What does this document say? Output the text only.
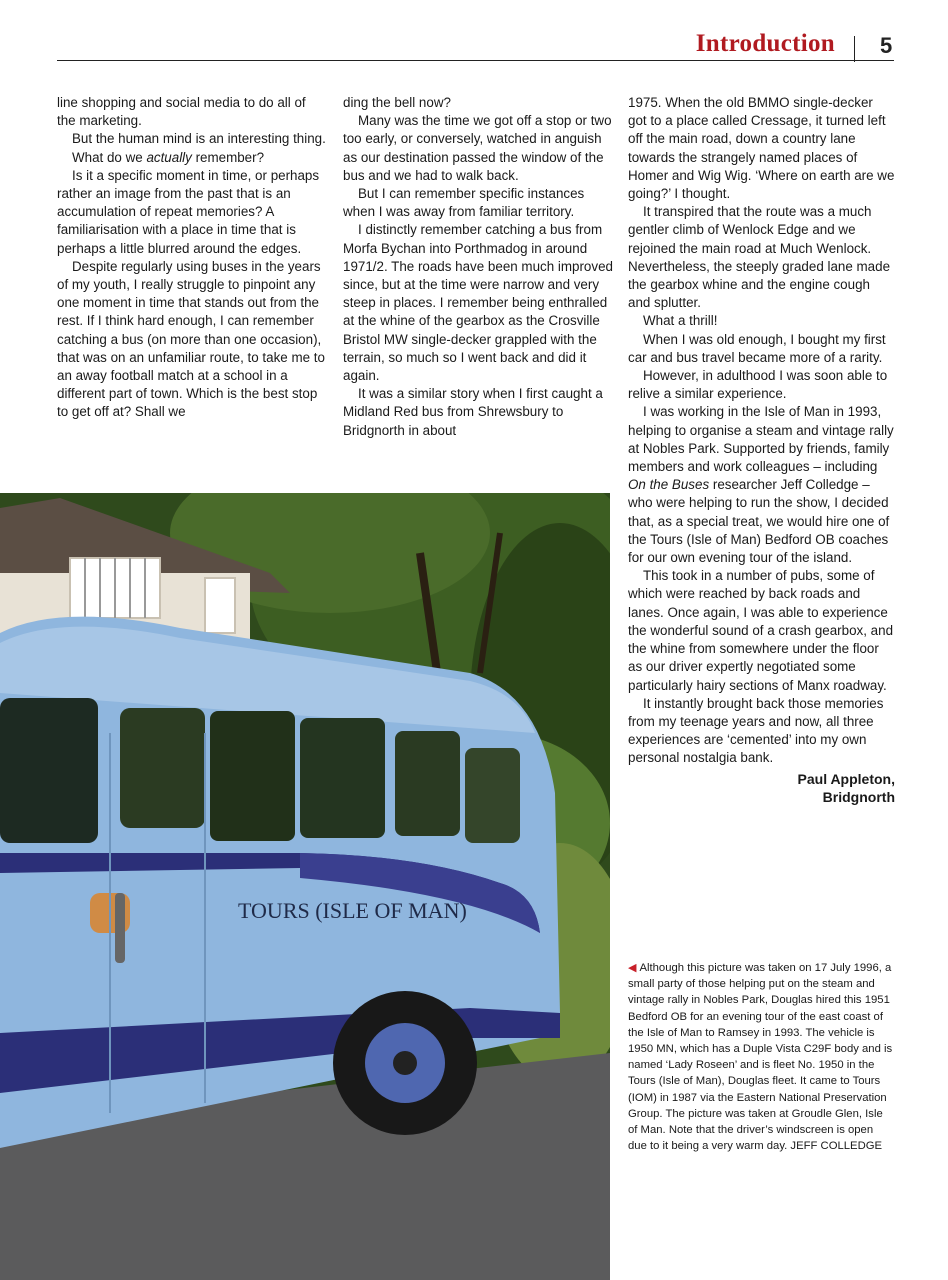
Introduction 5

line shopping and social media to do all of the marketing.

But the human mind is an interesting thing.

What do we actually remember?

Is it a specific moment in time, or perhaps rather an image from the past that is an accumulation of repeat memories? A familiarisation with a place in time that is perhaps a little blurred around the edges.

Despite regularly using buses in the years of my youth, I really struggle to pinpoint any one moment in time that stands out from the rest. If I think hard enough, I can remember catching a bus (on more than one occasion), that was on an unfamiliar route, to take me to an away football match at a school in a different part of town. Which is the best stop to get off at? Shall we

ding the bell now?

Many was the time we got off a stop or two too early, or conversely, watched in anguish as our destination passed the window of the bus and we had to walk back.

But I can remember specific instances when I was away from familiar territory.

I distinctly remember catching a bus from Morfa Bychan into Porthmadog in around 1971/2. The roads have been much improved since, but at the time were narrow and very steep in places. I remember being enthralled at the whine of the gearbox as the Crosville Bristol MW single-decker grappled with the terrain, so much so I went back and did it again.

It was a similar story when I first caught a Midland Red bus from Shrewsbury to Bridgnorth in about

1975. When the old BMMO single-decker got to a place called Cressage, it turned left off the main road, down a country lane towards the strangely named places of Homer and Wig Wig. ‘Where on earth are we going?’ I thought.

It transpired that the route was a much gentler climb of Wenlock Edge and we rejoined the main road at Much Wenlock. Nevertheless, the steeply graded lane made the gearbox whine and the engine cough and splutter.

What a thrill!

When I was old enough, I bought my first car and bus travel became more of a rarity.

However, in adulthood I was soon able to relive a similar experience.

I was working in the Isle of Man in 1993, helping to organise a steam and vintage rally at Nobles Park. Supported by friends, family members and work colleagues – including On the Buses researcher Jeff Colledge – who were helping to run the show, I decided that, as a special treat, we would hire one of the Tours (Isle of Man) Bedford OB coaches for our own evening tour of the island.

This took in a number of pubs, some of which were reached by back roads and lanes. Once again, I was able to experience the wonderful sound of a crash gearbox, and the whine from somewhere under the floor as our driver expertly negotiated some particularly hairy sections of Manx roadway.

It instantly brought back those memories from my teenage years and now, all three experiences are ‘cemented’ into my own personal nostalgia bank.

Paul Appleton,
Bridgnorth
◀ Although this picture was taken on 17 July 1996, a small party of those helping put on the steam and vintage rally in Nobles Park, Douglas hired this 1951 Bedford OB for an evening tour of the east coast of the Isle of Man to Ramsey in 1993. The vehicle is 1950 MN, which has a Duple Vista C29F body and is named ‘Lady Roseen’ and is fleet No. 1950 in the Tours (Isle of Man), Douglas fleet. It came to Tours (IOM) in 1987 via the Eastern National Preservation Group. The picture was taken at Groudle Glen, Isle of Man. Note that the driver’s windscreen is open due to it being a very warm day. JEFF COLLEDGE
TOURS (ISLE OF MAN)
